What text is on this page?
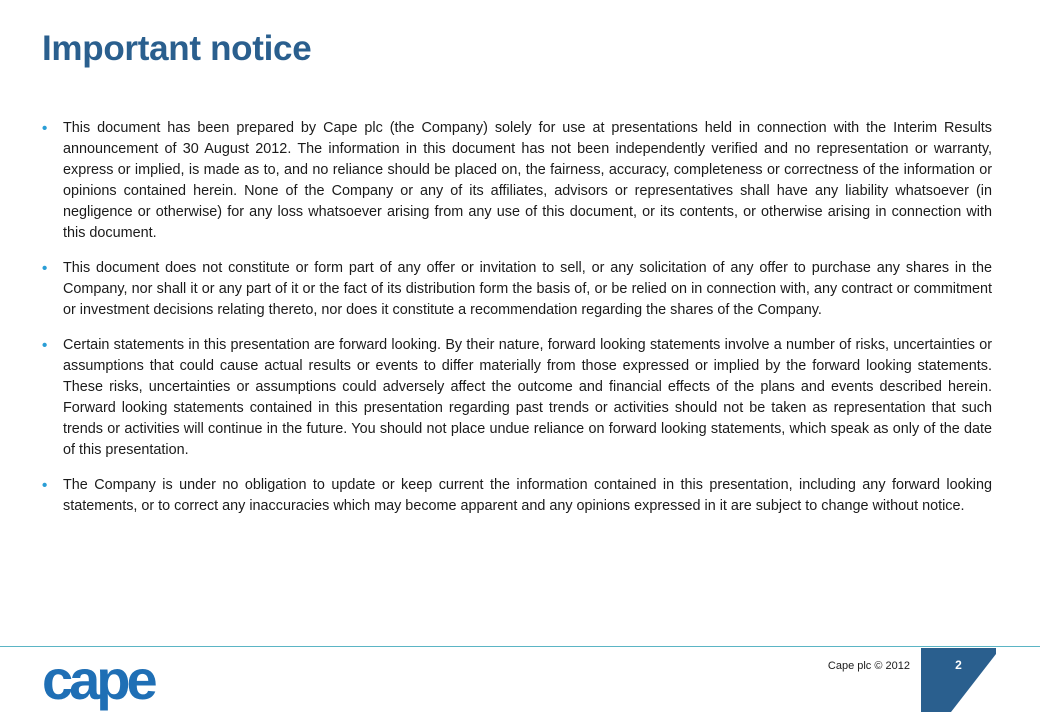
Important notice
• This document has been prepared by Cape plc (the Company) solely for use at presentations held in connection with the Interim Results announcement of 30 August 2012. The information in this document has not been independently verified and no representation or warranty, express or implied, is made as to, and no reliance should be placed on, the fairness, accuracy, completeness or correctness of the information or opinions contained herein. None of the Company or any of its affiliates, advisors or representatives shall have any liability whatsoever (in negligence or otherwise) for any loss whatsoever arising from any use of this document, or its contents, or otherwise arising in connection with this document.
• This document does not constitute or form part of any offer or invitation to sell, or any solicitation of any offer to purchase any shares in the Company, nor shall it or any part of it or the fact of its distribution form the basis of, or be relied on in connection with, any contract or commitment or investment decisions relating thereto, nor does it constitute a recommendation regarding the shares of the Company.
• Certain statements in this presentation are forward looking. By their nature, forward looking statements involve a number of risks, uncertainties or assumptions that could cause actual results or events to differ materially from those expressed or implied by the forward looking statements. These risks, uncertainties or assumptions could adversely affect the outcome and financial effects of the plans and events described herein. Forward looking statements contained in this presentation regarding past trends or activities should not be taken as representation that such trends or activities will continue in the future. You should not place undue reliance on forward looking statements, which speak as only of the date of this presentation.
• The Company is under no obligation to update or keep current the information contained in this presentation, including any forward looking statements, or to correct any inaccuracies which may become apparent and any opinions expressed in it are subject to change without notice.
cape	Cape plc © 2012	2
